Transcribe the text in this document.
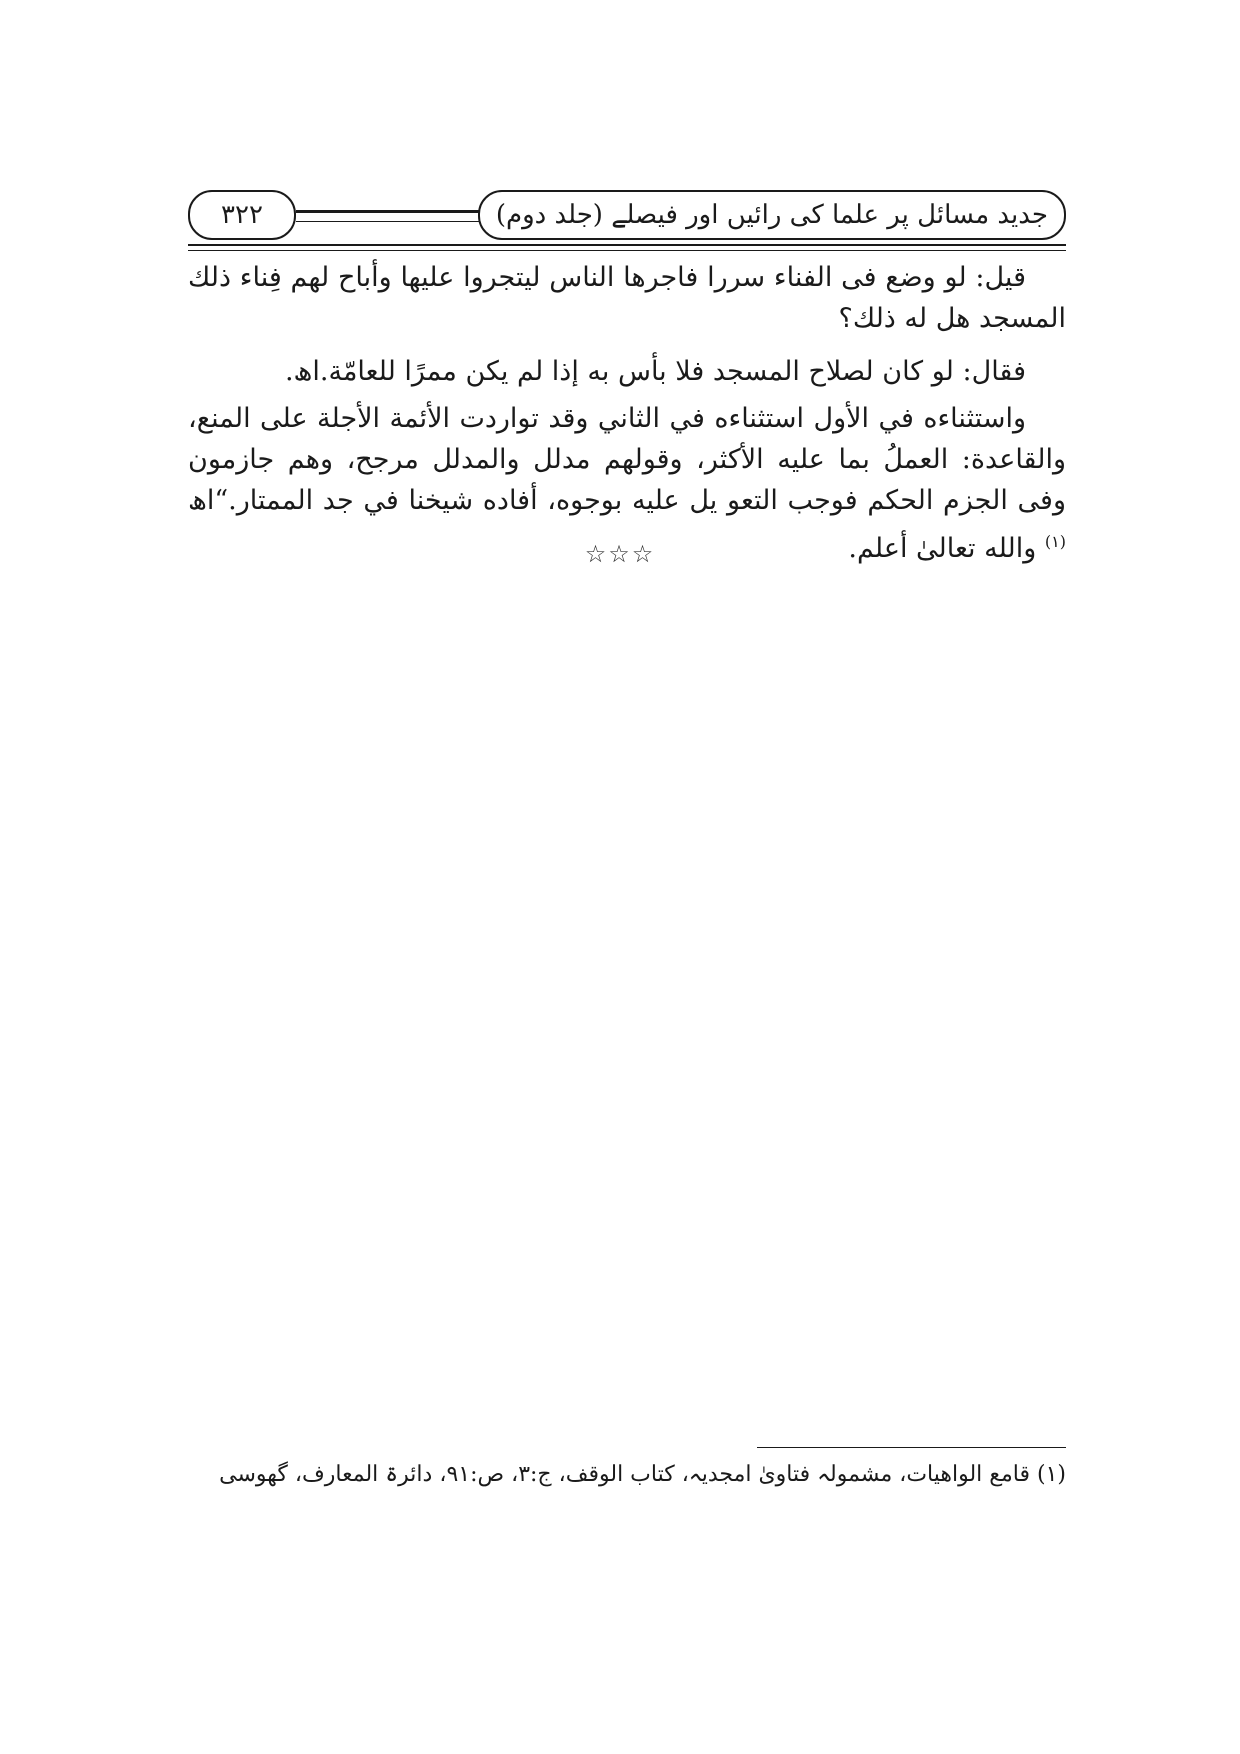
۳۲۲	جدید مسائل پر علما کی رائیں اور فیصلے (جلد دوم)

قیل: لو وضع فی الفناء سررا فاجرها الناس لیتجروا علیها وأباح لهم فِناء ذلك المسجد هل له ذلك؟

فقال: لو كان لصلاح المسجد فلا بأس به إذا لم يكن ممرًا للعامّة.اھ.

واستثناءه في الأول استثناءه في الثاني وقد تواردت الأئمة الأجلة على المنع، والقاعدة: العملُ بما عليه الأكثر، وقولهم مدلل والمدلل مرجح، وهم جازمون وفی الجزم الحكم فوجب التعو يل عليه بوجوه، أفاده شيخنا في جد الممتار.“اھ $^{(۱)}$ والله تعالىٰ أعلم.

☆☆☆
(۱) قامع الواهیات، مشمولہ فتاویٰ امجدیہ، کتاب الوقف، ج:۳، ص:۹۱، دائرۃ المعارف، گھوسی
